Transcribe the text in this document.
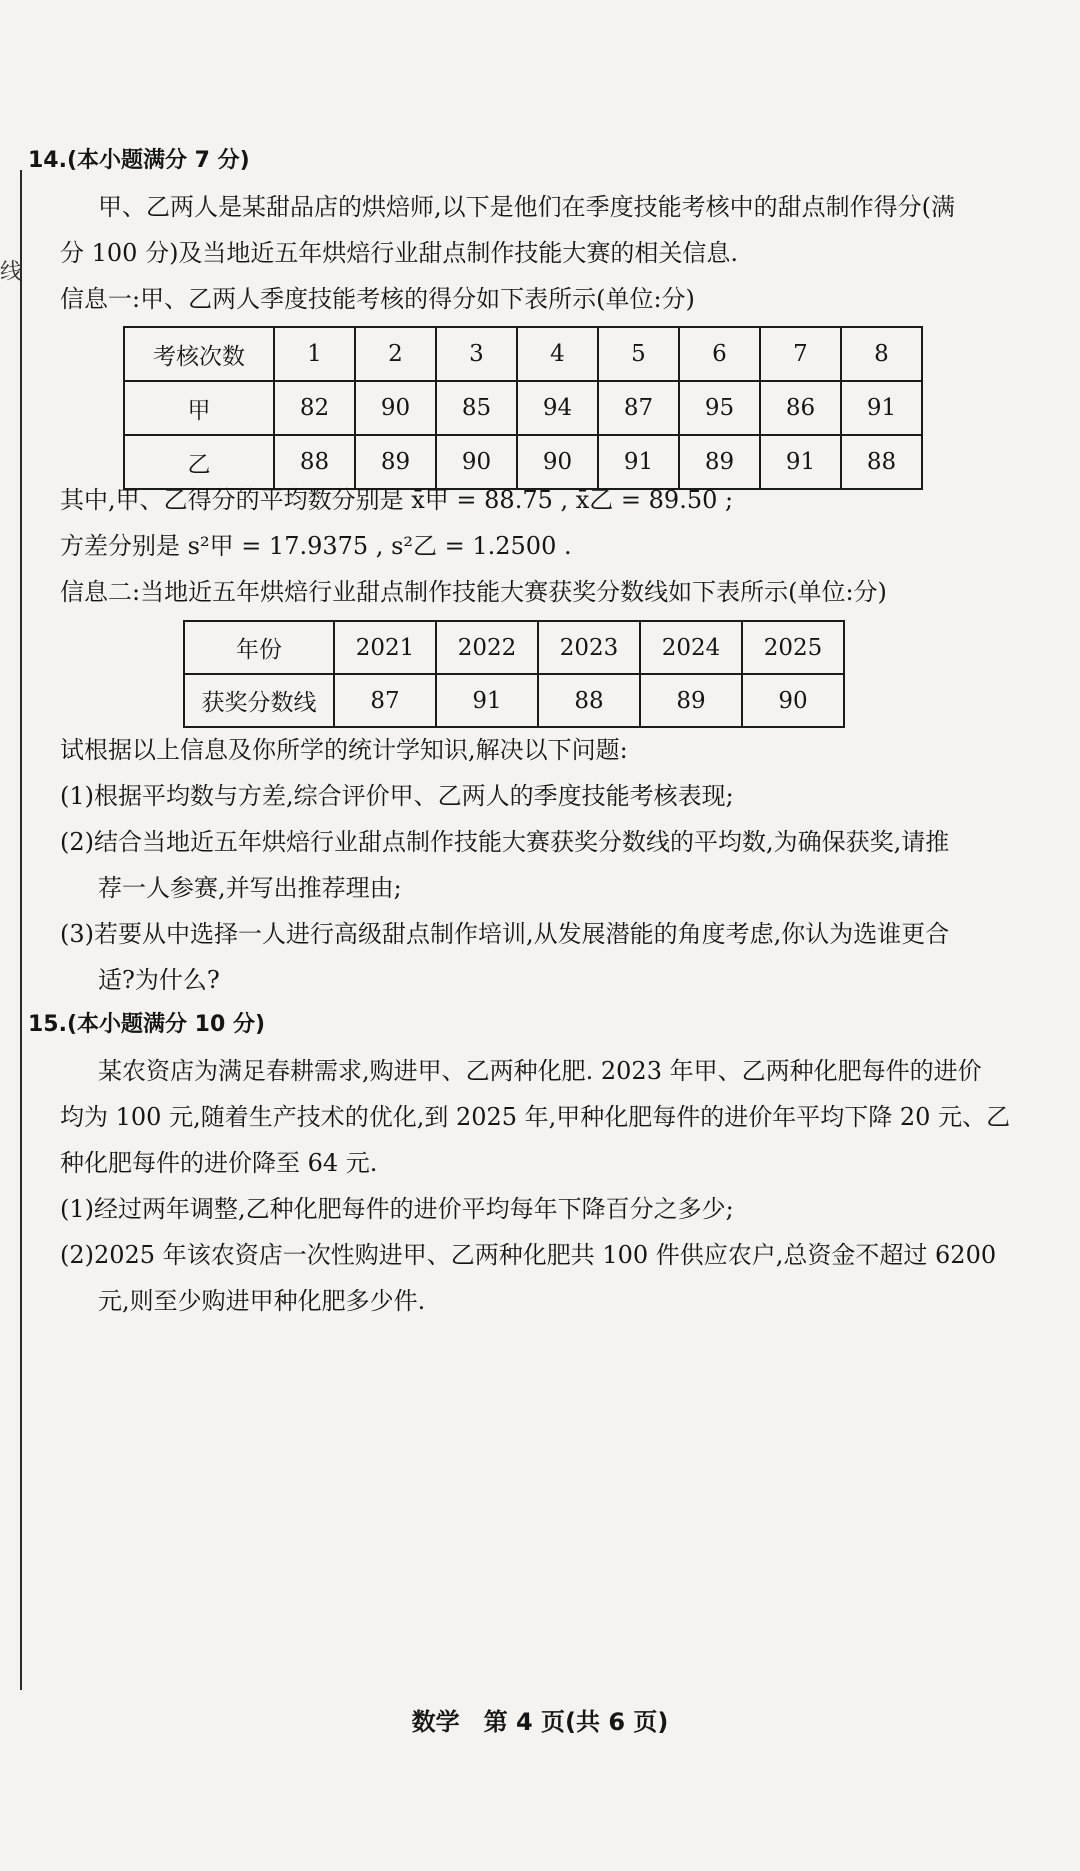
线
14.(本小题满分 7 分)
甲、乙两人是某甜品店的烘焙师,以下是他们在季度技能考核中的甜点制作得分(满
分 100 分)及当地近五年烘焙行业甜点制作技能大赛的相关信息.
信息一:甲、乙两人季度技能考核的得分如下表所示(单位:分)
考核次数	1	2	3	4	5	6	7	8
甲	82	90	85	94	87	95	86	91
乙	88	89	90	90	91	89	91	88
其中,甲、乙得分的平均数分别是 x̄甲 = 88.75 , x̄乙 = 89.50 ;
方差分别是 s²甲 = 17.9375 , s²乙 = 1.2500 .
信息二:当地近五年烘焙行业甜点制作技能大赛获奖分数线如下表所示(单位:分)
年份	2021	2022	2023	2024	2025
获奖分数线	87	91	88	89	90
试根据以上信息及你所学的统计学知识,解决以下问题:
(1)根据平均数与方差,综合评价甲、乙两人的季度技能考核表现;
(2)结合当地近五年烘焙行业甜点制作技能大赛获奖分数线的平均数,为确保获奖,请推
荐一人参赛,并写出推荐理由;
(3)若要从中选择一人进行高级甜点制作培训,从发展潜能的角度考虑,你认为选谁更合
适?为什么?
15.(本小题满分 10 分)
某农资店为满足春耕需求,购进甲、乙两种化肥. 2023 年甲、乙两种化肥每件的进价
均为 100 元,随着生产技术的优化,到 2025 年,甲种化肥每件的进价年平均下降 20 元、乙
种化肥每件的进价降至 64 元.
(1)经过两年调整,乙种化肥每件的进价平均每年下降百分之多少;
(2)2025 年该农资店一次性购进甲、乙两种化肥共 100 件供应农户,总资金不超过 6200
元,则至少购进甲种化肥多少件.
数学　第 4 页(共 6 页)
